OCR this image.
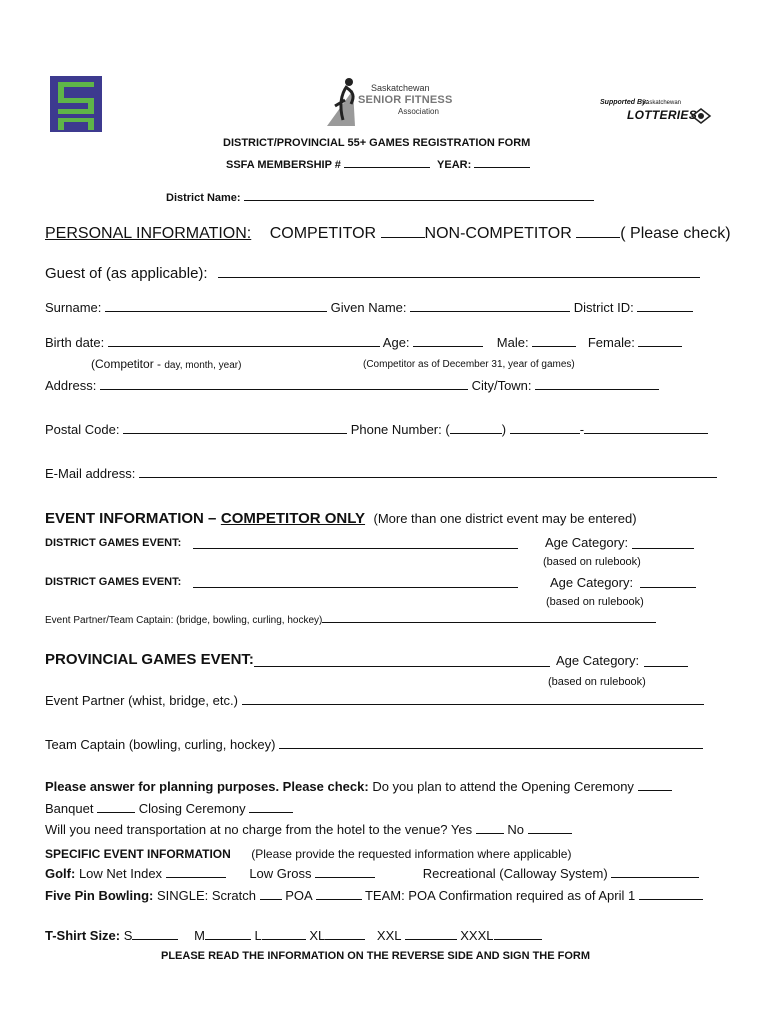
Saskatchewan
SENIOR FITNESS
Association
Supported By:
Saskatchewan
LOTTERIES
DISTRICT/PROVINCIAL 55+ GAMES REGISTRATION FORM
SSFA MEMBERSHIP #	YEAR:
District Name:
PERSONAL INFORMATION: COMPETITOR	NON-COMPETITOR	( Please check)
Guest of (as applicable):
Surname:	Given Name:	District ID:
Birth date:	Age:	Male:	Female:
(Competitor - day, month, year)	(Competitor as of December 31, year of games)
Address:	City/Town:
Postal Code:	Phone Number: (	)	-
E-Mail address:
EVENT INFORMATION – COMPETITOR ONLY (More than one district event may be entered)
DISTRICT GAMES EVENT:	Age Category:
(based on rulebook)
DISTRICT GAMES EVENT:	Age Category:
(based on rulebook)
Event Partner/Team Captain: (bridge, bowling, curling, hockey)
PROVINCIAL GAMES EVENT:	Age Category:
(based on rulebook)
Event Partner (whist, bridge, etc.)
Team Captain (bowling, curling, hockey)
Please answer for planning purposes. Please check: Do you plan to attend the Opening Ceremony
Banquet	Closing Ceremony
Will you need transportation at no charge from the hotel to the venue? Yes	No
SPECIFIC EVENT INFORMATION (Please provide the requested information where applicable)
Golf: Low Net Index	Low Gross	Recreational (Calloway System)
Five Pin Bowling: SINGLE: Scratch POA	TEAM: POA Confirmation required as of April 1
T-Shirt Size: S	M	L	XL	XXL	XXXL
PLEASE READ THE INFORMATION ON THE REVERSE SIDE AND SIGN THE FORM
